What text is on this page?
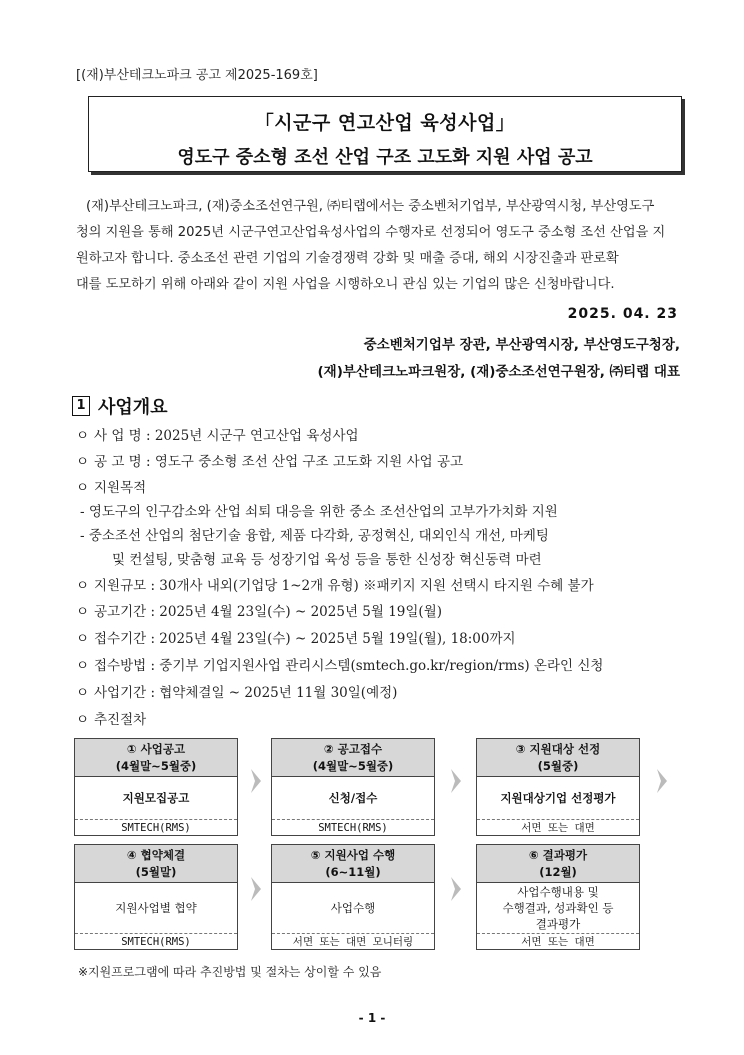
[(재)부산테크노파크 공고 제2025-169호]
「시군구 연고산업 육성사업」
영도구 중소형 조선 산업 구조 고도화 지원 사업 공고
(재)부산테크노파크, (재)중소조선연구원, ㈜티랩에서는 중소벤처기업부, 부산광역시청, 부산영도구
청의 지원을 통해 2025년 시군구연고산업육성사업의 수행자로 선정되어 영도구 중소형 조선 산업을 지
원하고자 합니다. 중소조선 관련 기업의 기술경쟁력 강화 및 매출 증대, 해외 시장진출과 판로확
대를 도모하기 위해 아래와 같이 지원 사업을 시행하오니 관심 있는 기업의 많은 신청바랍니다.
2025. 04. 23
중소벤처기업부 장관, 부산광역시장, 부산영도구청장,
(재)부산테크노파크원장, (재)중소조선연구원장, ㈜티랩 대표
1 사업개요
ㅇ 사 업 명 : 2025년 시군구 연고산업 육성사업
ㅇ 공 고 명 : 영도구 중소형 조선 산업 구조 고도화 지원 사업 공고
ㅇ 지원목적
- 영도구의 인구감소와 산업 쇠퇴 대응을 위한 중소 조선산업의 고부가가치화 지원
- 중소조선 산업의 첨단기술 융합, 제품 다각화, 공정혁신, 대외인식 개선, 마케팅
및 컨설팅, 맞춤형 교육 등 성장기업 육성 등을 통한 신성장 혁신동력 마련
ㅇ 지원규모 : 30개사 내외(기업당 1~2개 유형) ※패키지 지원 선택시 타지원 수혜 불가
ㅇ 공고기간 : 2025년 4월 23일(수) ~ 2025년 5월 19일(월)
ㅇ 접수기간 : 2025년 4월 23일(수) ~ 2025년 5월 19일(월), 18:00까지
ㅇ 접수방법 : 중기부 기업지원사업 관리시스템(smtech.go.kr/region/rms) 온라인 신청
ㅇ 사업기간 : 협약체결일 ~ 2025년 11월 30일(예정)
ㅇ 추진절차
① 사업공고
(4월말~5월중)
지원모집공고
SMTECH(RMS)
② 공고접수
(4월말~5월중)
신청/접수
SMTECH(RMS)
③ 지원대상 선정
(5월중)
지원대상기업 선정평가
서면 또는 대면
④ 협약체결
(5월말)
지원사업별 협약
SMTECH(RMS)
⑤ 지원사업 수행
(6~11월)
사업수행
서면 또는 대면 모니터링
⑥ 결과평가
(12월)
사업수행내용 및
수행결과, 성과확인 등
결과평가
서면 또는 대면
※지원프로그램에 따라 추진방법 및 절차는 상이할 수 있음
- 1 -
